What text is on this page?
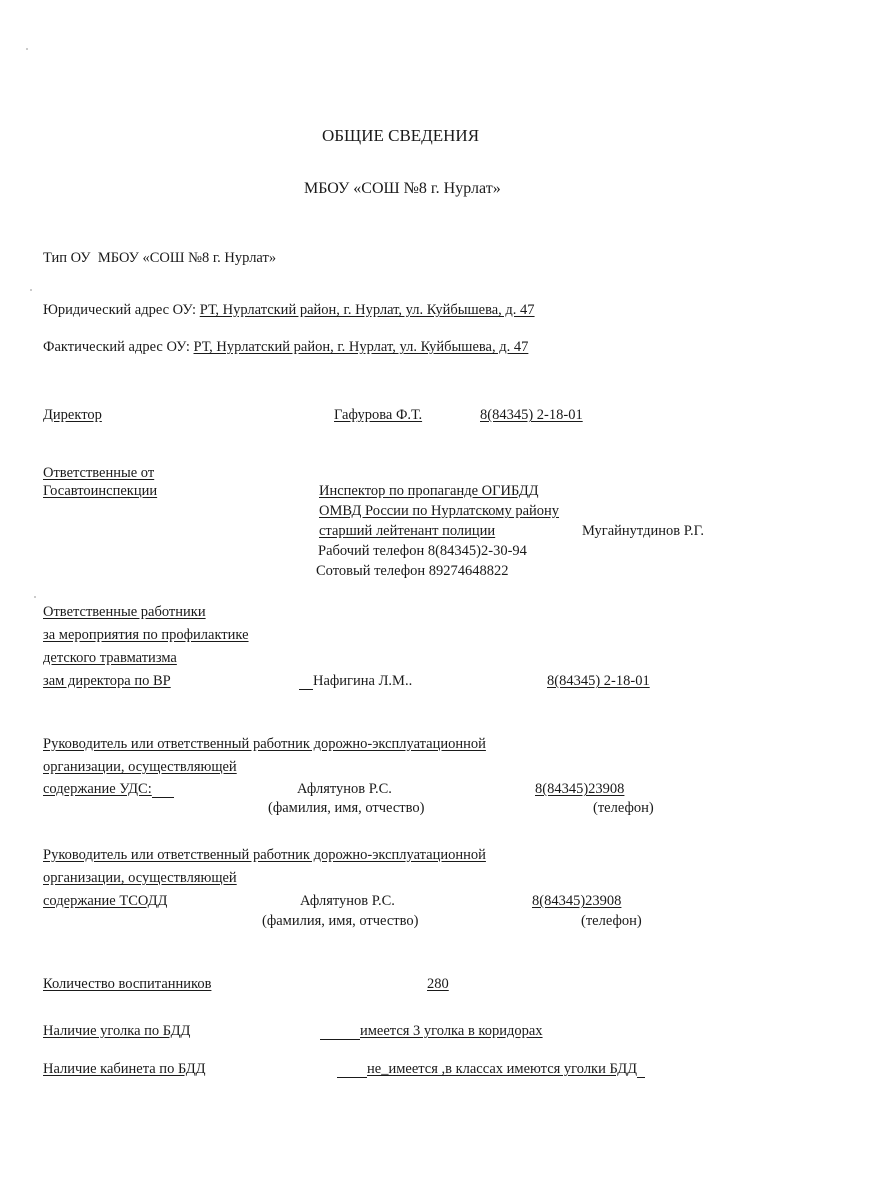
ОБЩИЕ СВЕДЕНИЯ
МБОУ «СОШ №8 г. Нурлат»
Тип ОУ МБОУ «СОШ №8 г. Нурлат»
Юридический адрес ОУ: РТ, Нурлатский район, г. Нурлат, ул. Куйбышева, д. 47
Фактический адрес ОУ: РТ, Нурлатский район, г. Нурлат, ул. Куйбышева, д. 47
Директор	Гафурова Ф.Т.	8(84345) 2-18-01
Ответственные от
Госавтоинспекции	Инспектор по пропаганде ОГИБДД
ОМВД России по Нурлатскому району
старший лейтенант полиции	Мугайнутдинов Р.Г.
Рабочий телефон 8(84345)2-30-94
Сотовый телефон 89274648822
Ответственные работники
за мероприятия по профилактике
детского травматизма
зам директора по ВР	Нафигина Л.М..	8(84345) 2-18-01
Руководитель или ответственный работник дорожно-эксплуатационной
организации, осуществляющей
содержание УДС:	Афлятунов Р.С.	8(84345)23908
(фамилия, имя, отчество)	(телефон)
Руководитель или ответственный работник дорожно-эксплуатационной
организации, осуществляющей
содержание ТСОДД	Афлятунов Р.С.	8(84345)23908
(фамилия, имя, отчество)	(телефон)
Количество воспитанников	280
Наличие уголка по БДД	имеется 3 уголка в коридорах
Наличие кабинета по БДД	не_имеется ,в классах имеются уголки БДД
